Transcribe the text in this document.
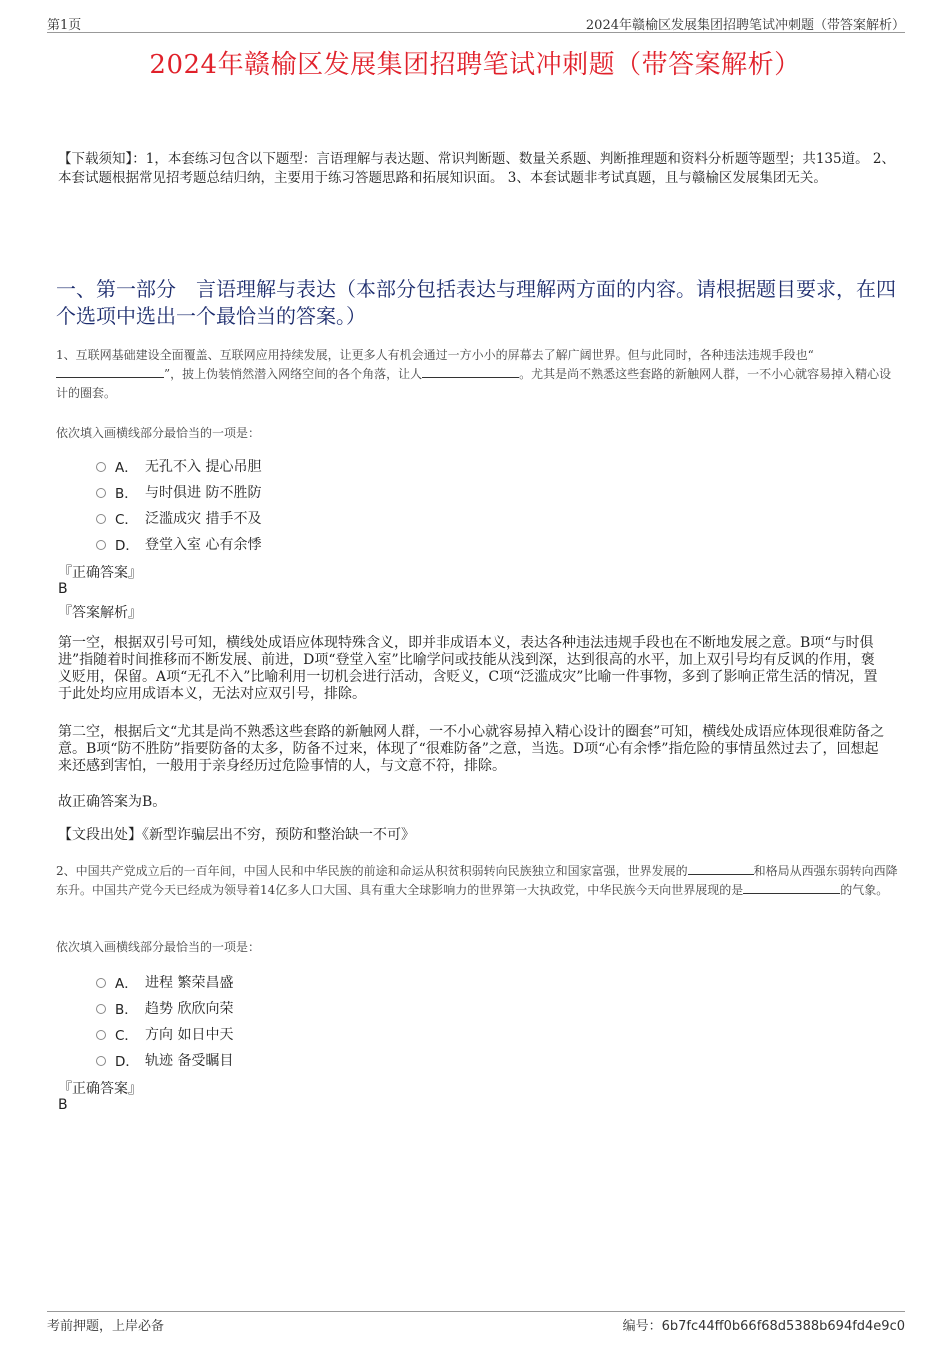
第1页	2024年赣榆区发展集团招聘笔试冲刺题（带答案解析）
2024年赣榆区发展集团招聘笔试冲刺题（带答案解析）
【下载须知】：1，本套练习包含以下题型：言语理解与表达题、常识判断题、数量关系题、判断推理题和资料分析题等题型；共135道。 2、本套试题根据常见招考题总结归纳，主要用于练习答题思路和拓展知识面。 3、本套试题非考试真题，且与赣榆区发展集团无关。
一、第一部分　言语理解与表达（本部分包括表达与理解两方面的内容。请根据题目要求，在四个选项中选出一个最恰当的答案。）
1、互联网基础建设全面覆盖、互联网应用持续发展，让更多人有机会通过一方小小的屏幕去了解广阔世界。但与此同时，各种违法违规手段也“”，披上伪装悄然潜入网络空间的各个角落，让人	。尤其是尚不熟悉这些套路的新触网人群，一不小心就容易掉入精心设计的圈套。
依次填入画横线部分最恰当的一项是：
A． 无孔不入 提心吊胆
B． 与时俱进 防不胜防
C． 泛滥成灾 措手不及
D． 登堂入室 心有余悸
『正确答案』
B
『答案解析』
第一空，根据双引号可知，横线处成语应体现特殊含义，即并非成语本义，表达各种违法违规手段也在不断地发展之意。B项“与时俱进”指随着时间推移而不断发展、前进，D项“登堂入室”比喻学问或技能从浅到深，达到很高的水平，加上双引号均有反讽的作用，褒义贬用，保留。A项“无孔不入”比喻利用一切机会进行活动，含贬义，C项“泛滥成灾”比喻一件事物，多到了影响正常生活的情况，置于此处均应用成语本义，无法对应双引号，排除。
第二空，根据后文“尤其是尚不熟悉这些套路的新触网人群，一不小心就容易掉入精心设计的圈套”可知，横线处成语应体现很难防备之意。B项“防不胜防”指要防备的太多，防备不过来，体现了“很难防备”之意，当选。D项“心有余悸”指危险的事情虽然过去了，回想起来还感到害怕，一般用于亲身经历过危险事情的人，与文意不符，排除。
故正确答案为B。
【文段出处】《新型诈骗层出不穷，预防和整治缺一不可》
2、中国共产党成立后的一百年间，中国人民和中华民族的前途和命运从积贫积弱转向民族独立和国家富强，世界发展的	和格局从西强东弱转向西降东升。中国共产党今天已经成为领导着14亿多人口大国、具有重大全球影响力的世界第一大执政党，中华民族今天向世界展现的是	的气象。
依次填入画横线部分最恰当的一项是：
A． 进程 繁荣昌盛
B． 趋势 欣欣向荣
C． 方向 如日中天
D． 轨迹 备受瞩目
『正确答案』
B
考前押题，上岸必备	编号：6b7fc44ff0b66f68d5388b694fd4e9c0
